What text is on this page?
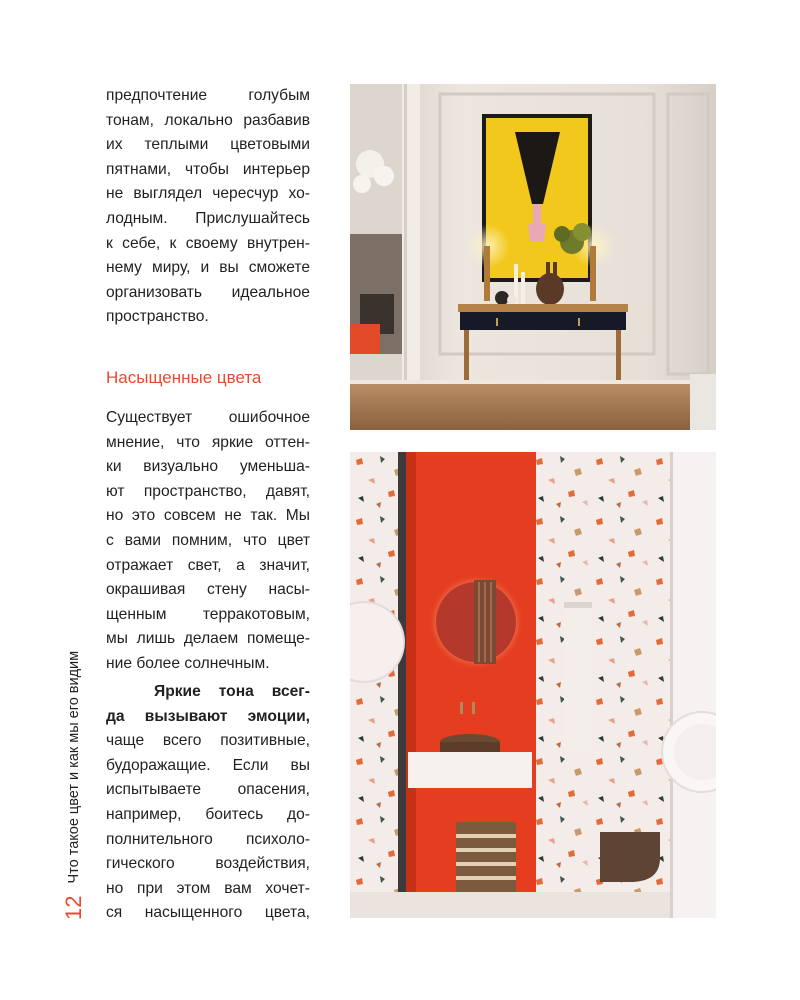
12
Что такое цвет и как мы его видим
предпочтение голубым
тонам, локально разбавив
их теплыми цветовыми
пятнами, чтобы интерьер
не выглядел чересчур хо-
лодным. Прислушайтесь
к себе, к своему внутрен-
нему миру, и вы сможете
организовать идеальное
пространство.
Насыщенные цвета
Существует ошибочное
мнение, что яркие оттен-
ки визуально уменьша-
ют пространство, давят,
но это совсем не так. Мы
с вами помним, что цвет
отражает свет, а значит,
окрашивая стену насы-
щенным терракотовым,
мы лишь делаем помеще-
ние более солнечным.
Яркие тона всег-
да вызывают эмоции,
чаще всего позитивные,
будоражащие. Если вы
испытываете опасения,
например, боитесь до-
полнительного психоло-
гического воздействия,
но при этом вам хочет-
ся насыщенного цвета,
